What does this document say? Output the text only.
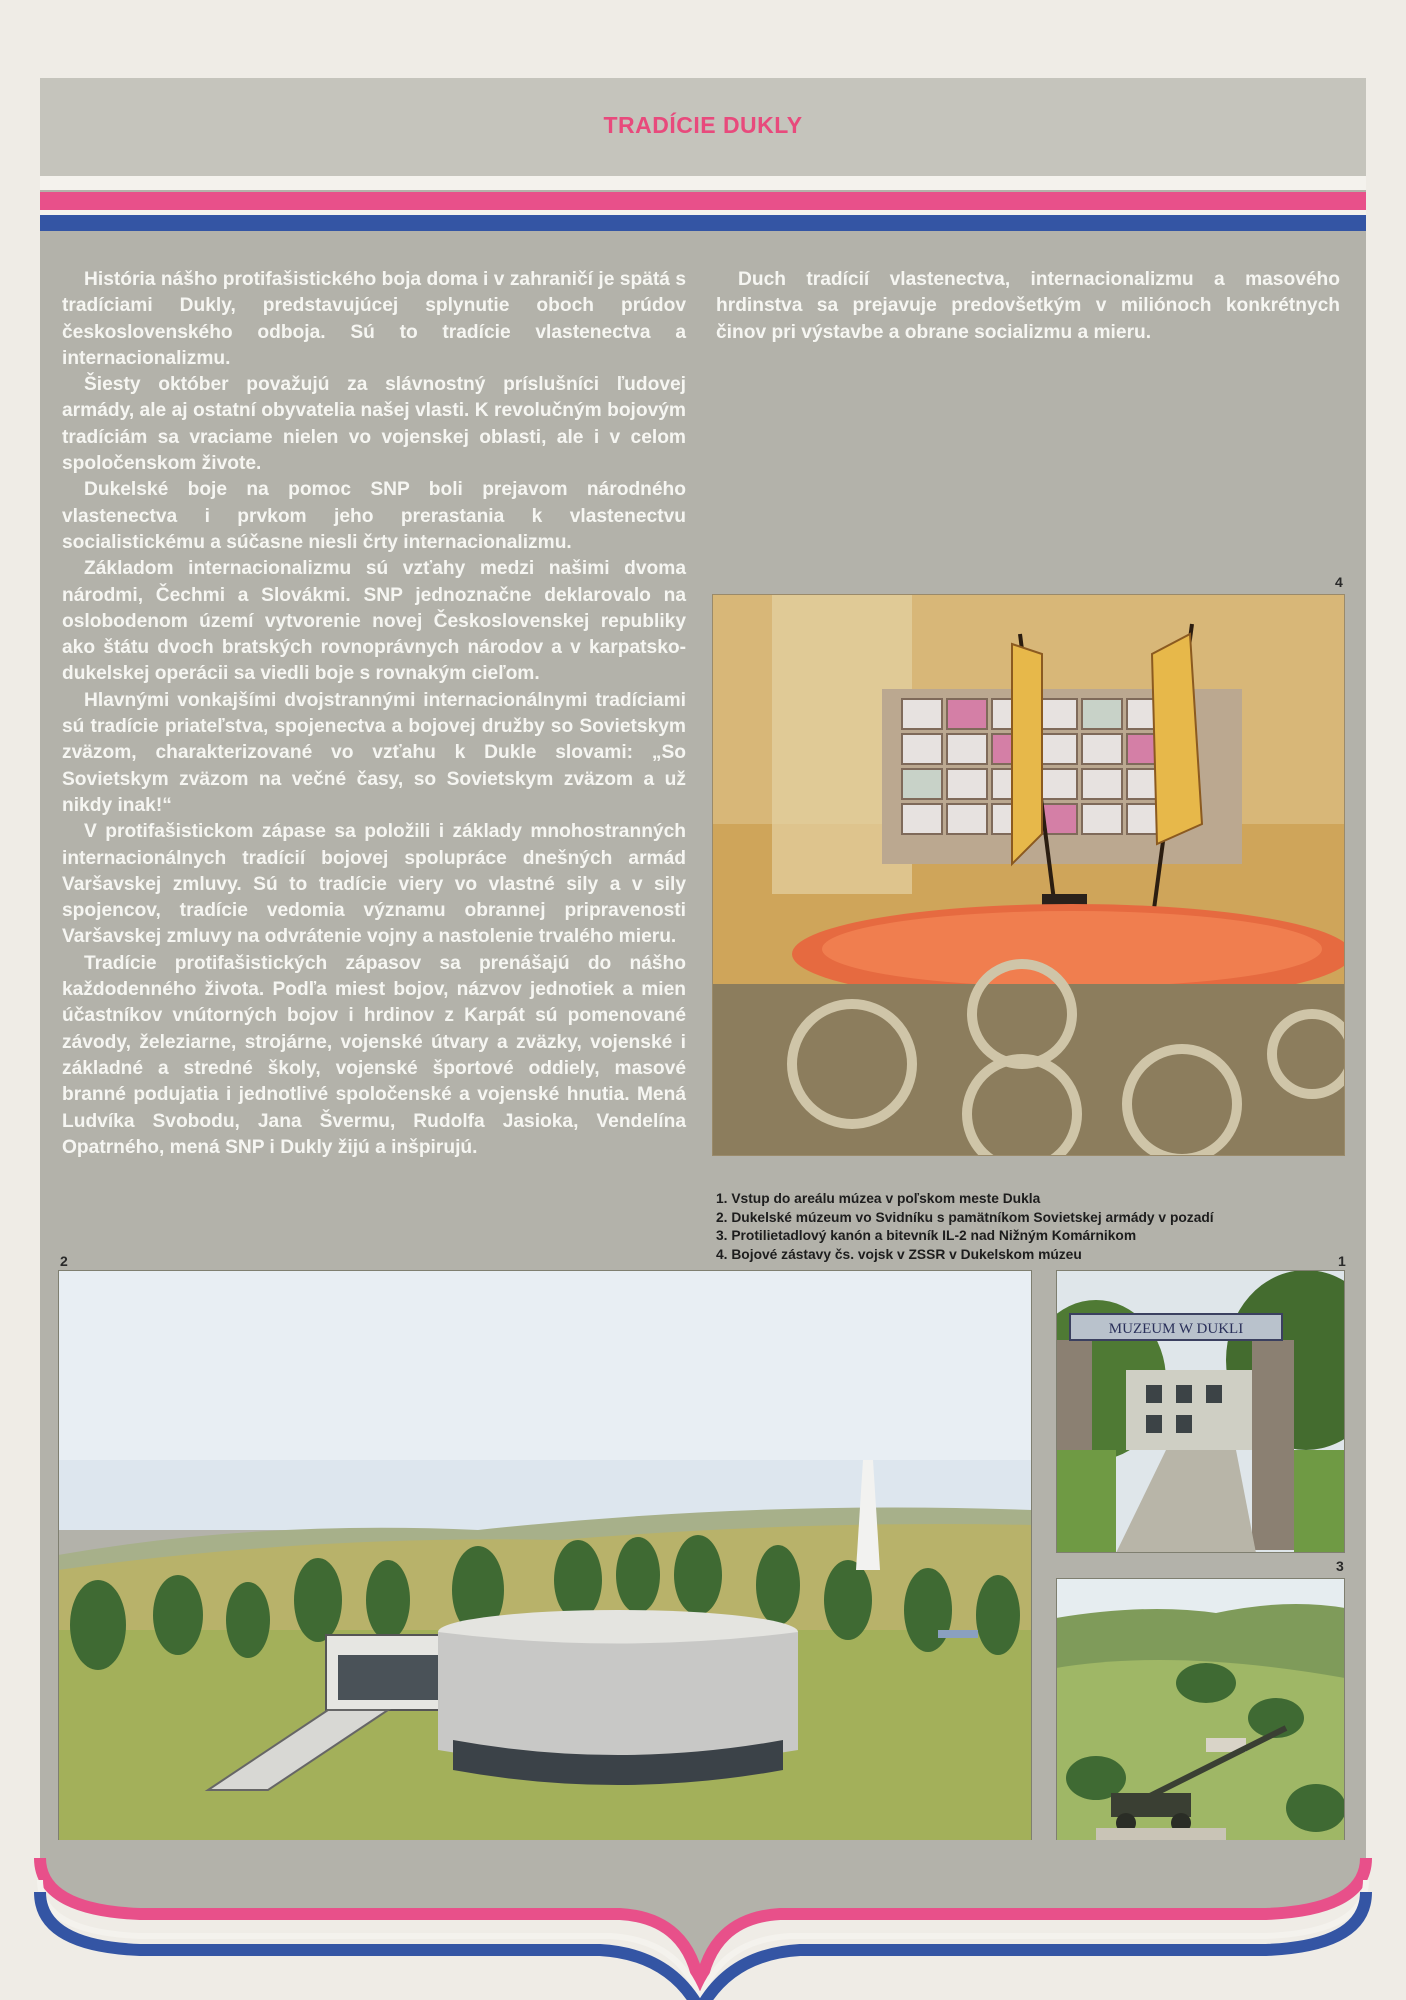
TRADÍCIE DUKLY

História nášho protifašistického boja doma i v zahraničí je spätá s tradíciami Dukly, predstavujúcej splynutie oboch prúdov československého odboja. Sú to tradície vlastenectva a internacionalizmu.

Šiesty október považujú za slávnostný príslušníci ľudovej armády, ale aj ostatní obyvatelia našej vlasti. K revolučným bojovým tradíciám sa vraciame nielen vo vojenskej oblasti, ale i v celom spoločenskom živote.

Dukelské boje na pomoc SNP boli prejavom národného vlastenectva i prvkom jeho prerastania k vlastenectvu socialistickému a súčasne niesli črty internacionalizmu.

Základom internacionalizmu sú vzťahy medzi našimi dvoma národmi, Čechmi a Slovákmi. SNP jednoznačne deklarovalo na oslobodenom území vytvorenie novej Československej republiky ako štátu dvoch bratských rovnoprávnych národov a v karpatsko-dukelskej operácii sa viedli boje s rovnakým cieľom.

Hlavnými vonkajšími dvojstrannými internacionálnymi tradíciami sú tradície priateľstva, spojenectva a bojovej družby so Sovietskym zväzom, charakterizované vo vzťahu k Dukle slovami: „So Sovietskym zväzom na večné časy, so Sovietskym zväzom a už nikdy inak!“

V protifašistickom zápase sa položili i základy mnohostranných internacionálnych tradícií bojovej spolupráce dnešných armád Varšavskej zmluvy. Sú to tradície viery vo vlastné sily a v sily spojencov, tradície vedomia významu obrannej pripravenosti Varšavskej zmluvy na odvrátenie vojny a nastolenie trvalého mieru.

Tradície protifašistických zápasov sa prenášajú do nášho každodenného života. Podľa miest bojov, názvov jednotiek a mien účastníkov vnútorných bojov i hrdinov z Karpát sú pomenované závody, železiarne, strojárne, vojenské útvary a zväzky, vojenské i základné a stredné školy, vojenské športové oddiely, masové branné podujatia i jednotlivé spoločenské a vojenské hnutia. Mená Ludvíka Svobodu, Jana Švermu, Rudolfa Jasioka, Vendelína Opatrného, mená SNP i Dukly žijú a inšpirujú.

Duch tradícií vlastenectva, internacionalizmu a masového hrdinstva sa prejavuje predovšetkým v miliónoch konkrétnych činov pri výstavbe a obrane socializmu a mieru.

4
1. Vstup do areálu múzea v poľskom meste Dukla
2. Dukelské múzeum vo Svidníku s pamätníkom Sovietskej armády v pozadí
3. Protilietadlový kanón a bitevník IL-2 nad Nižným Komárnikom
4. Bojové zástavy čs. vojsk v ZSSR v Dukelskom múzeu
2	1
MUZEUM W DUKLI
3
